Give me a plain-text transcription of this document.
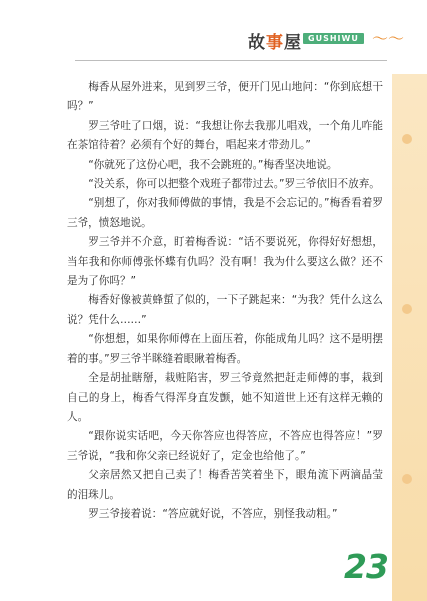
故事屋 GUSHIWU 〜〜

梅香从屋外进来，见到罗三爷，便开门见山地问：“你到底想干吗？”

罗三爷吐了口烟，说：“我想让你去我那儿唱戏，一个角儿咋能在茶馆待着？必须有个好的舞台，唱起来才带劲儿。”

“你就死了这份心吧，我不会跳班的。”梅香坚决地说。

“没关系，你可以把整个戏班子都带过去。”罗三爷依旧不放弃。

“别想了，你对我师傅做的事情，我是不会忘记的。”梅香看着罗三爷，愤怒地说。

罗三爷并不介意，盯着梅香说：“话不要说死，你得好好想想，当年我和你师傅张怀蝶有仇吗？没有啊！我为什么要这么做？还不是为了你吗？”

梅香好像被黄蜂蜇了似的，一下子跳起来：“为我？凭什么这么说？凭什么……”

“你想想，如果你师傅在上面压着，你能成角儿吗？这不是明摆着的事。”罗三爷半眯缝着眼瞅着梅香。

全是胡扯瞎掰，栽赃陷害，罗三爷竟然把赶走师傅的事，栽到自己的身上，梅香气得浑身直发颤，她不知道世上还有这样无赖的人。

“跟你说实话吧，今天你答应也得答应，不答应也得答应！”罗三爷说，“我和你父亲已经说好了，定金也给他了。”

父亲居然又把自己卖了！梅香苦笑着坐下，眼角流下两滴晶莹的泪珠儿。

罗三爷接着说：“答应就好说，不答应，别怪我动粗。”

23
